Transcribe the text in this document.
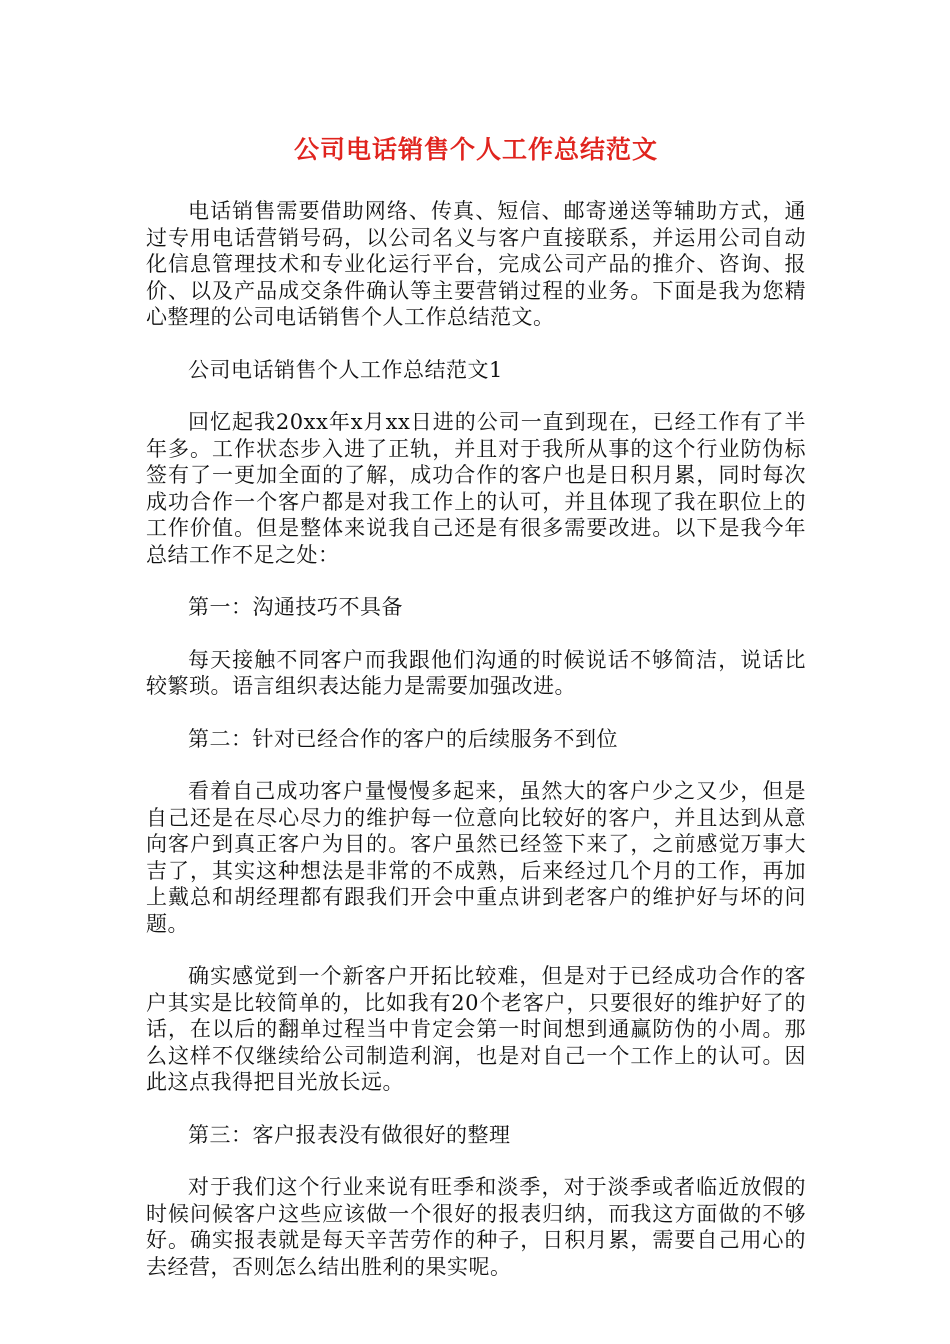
公司电话销售个人工作总结范文

电话销售需要借助网络、传真、短信、邮寄递送等辅助方式，通过专用电话营销号码，以公司名义与客户直接联系，并运用公司自动化信息管理技术和专业化运行平台，完成公司产品的推介、咨询、报价、以及产品成交条件确认等主要营销过程的业务。下面是我为您精心整理的公司电话销售个人工作总结范文。

公司电话销售个人工作总结范文1

回忆起我20xx年x月xx日进的公司一直到现在，已经工作有了半年多。工作状态步入进了正轨，并且对于我所从事的这个行业防伪标签有了一更加全面的了解，成功合作的客户也是日积月累，同时每次成功合作一个客户都是对我工作上的认可，并且体现了我在职位上的工作价值。但是整体来说我自己还是有很多需要改进。以下是我今年总结工作不足之处：

第一：沟通技巧不具备

每天接触不同客户而我跟他们沟通的时候说话不够简洁，说话比较繁琐。语言组织表达能力是需要加强改进。

第二：针对已经合作的客户的后续服务不到位

看着自己成功客户量慢慢多起来，虽然大的客户少之又少，但是自己还是在尽心尽力的维护每一位意向比较好的客户，并且达到从意向客户到真正客户为目的。客户虽然已经签下来了，之前感觉万事大吉了，其实这种想法是非常的不成熟，后来经过几个月的工作，再加上戴总和胡经理都有跟我们开会中重点讲到老客户的维护好与坏的问题。

确实感觉到一个新客户开拓比较难，但是对于已经成功合作的客户其实是比较简单的，比如我有20个老客户，只要很好的维护好了的话，在以后的翻单过程当中肯定会第一时间想到通赢防伪的小周。那么这样不仅继续给公司制造利润，也是对自己一个工作上的认可。因此这点我得把目光放长远。

第三：客户报表没有做很好的整理

对于我们这个行业来说有旺季和淡季，对于淡季或者临近放假的时候问候客户这些应该做一个很好的报表归纳，而我这方面做的不够好。确实报表就是每天辛苦劳作的种子，日积月累，需要自己用心的去经营，否则怎么结出胜利的果实呢。
